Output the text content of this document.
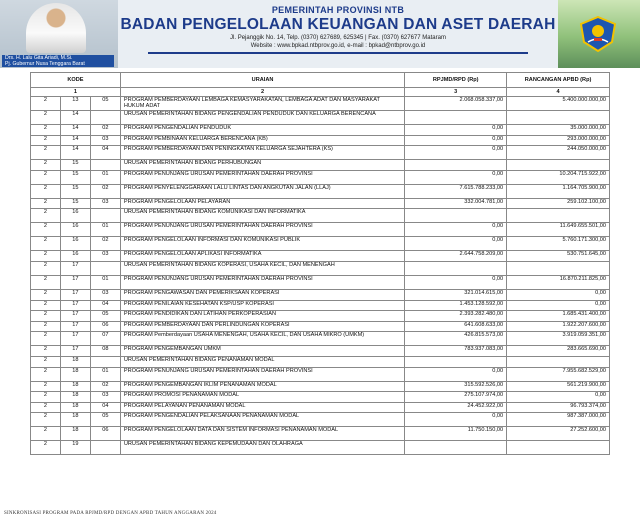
Drs. H. Lalu Gita Ariadi, M.Si.
Pj. Gubernur Nusa Tenggara Barat
PEMERINTAH PROVINSI NTB
BADAN PENGELOLAAN KEUANGAN DAN ASET DAERAH
Jl. Pejanggik No. 14, Telp. (0370) 627689, 625345 | Fax. (0370) 627677 Mataram
Website : www.bpkad.ntbprov.go.id, e-mail : bpkad@ntbprov.go.id
KODE			URAIAN	RPJMD/RPD (Rp)	RANCANGAN APBD (Rp)
1			2	3	4
2	13	05	PROGRAM PEMBERDAYAAN LEMBAGA KEMASYARAKATAN, LEMBAGA ADAT DAN MASYARAKAT HUKUM ADAT	2.068.058.337,00	5.400.000.000,00
2	14		URUSAN PEMERINTAHAN BIDANG PENGENDALIAN PENDUDUK DAN KELUARGA BERENCANA		
2	14	02	PROGRAM PENGENDALIAN PENDUDUK	0,00	35.000.000,00
2	14	03	PROGRAM PEMBINAAN KELUARGA BERENCANA (KB)	0,00	293.000.000,00
2	14	04	PROGRAM PEMBERDAYAAN DAN PENINGKATAN KELUARGA SEJAHTERA (KS)	0,00	244.050.000,00
2	15		URUSAN PEMERINTAHAN BIDANG PERHUBUNGAN		
2	15	01	PROGRAM PENUNJANG URUSAN PEMERINTAHAN DAERAH PROVINSI	0,00	10.204.715.922,00
2	15	02	PROGRAM PENYELENGGARAAN LALU LINTAS DAN ANGKUTAN JALAN (LLAJ)	7.615.788.233,00	1.164.705.900,00
2	15	03	PROGRAM PENGELOLAAN PELAYARAN	332.004.781,00	259.102.100,00
2	16		URUSAN PEMERINTAHAN BIDANG KOMUNIKASI DAN INFORMATIKA		
2	16	01	PROGRAM PENUNJANG URUSAN PEMERINTAHAN DAERAH PROVINSI	0,00	11.649.655.501,00
2	16	02	PROGRAM PENGELOLAAN INFORMASI DAN KOMUNIKASI PUBLIK	0,00	5.760.171.300,00
2	16	03	PROGRAM PENGELOLAAN APLIKASI INFORMATIKA	2.644.758.209,00	530.751.645,00
2	17		URUSAN PEMERINTAHAN BIDANG KOPERASI, USAHA KECIL, DAN MENENGAH		
2	17	01	PROGRAM PENUNJANG URUSAN PEMERINTAHAN DAERAH PROVINSI	0,00	16.870.211.825,00
2	17	03	PROGRAM PENGAWASAN DAN PEMERIKSAAN KOPERASI	321.014.615,00	0,00
2	17	04	PROGRAM PENILAIAN KESEHATAN KSP/USP KOPERASI	1.453.128.592,00	0,00
2	17	05	PROGRAM PENDIDIKAN DAN LATIHAN PERKOPERASIAN	2.393.282.480,00	1.685.431.400,00
2	17	06	PROGRAM PEMBERDAYAAN DAN PERLINDUNGAN KOPERASI	641.608.633,00	1.922.207.600,00
2	17	07	PROGRAM Pemberdayaan USAHA MENENGAH, USAHA KECIL, DAN USAHA MIKRO (UMKM)	426.815.573,00	3.919.059.351,00
2	17	08	PROGRAM PENGEMBANGAN UMKM	783.937.083,00	283.665.690,00
2	18		URUSAN PEMERINTAHAN BIDANG PENANAMAN MODAL		
2	18	01	PROGRAM PENUNJANG URUSAN PEMERINTAHAN DAERAH PROVINSI	0,00	7.955.682.529,00
2	18	02	PROGRAM PENGEMBANGAN IKLIM PENANAMAN MODAL	315.592.526,00	561.219.900,00
2	18	03	PROGRAM PROMOSI PENANAMAN MODAL	275.107.974,00	0,00
2	18	04	PROGRAM PELAYANAN PENANAMAN MODAL	24.452.922,00	96.793.374,00
2	18	05	PROGRAM PENGENDALIAN PELAKSANAAN PENANAMAN MODAL	0,00	987.387.000,00
2	18	06	PROGRAM PENGELOLAAN DATA DAN SISTEM INFORMASI PENANAMAN MODAL	11.750.150,00	27.252.600,00
2	19		URUSAN PEMERINTAHAN BIDANG KEPEMUDAAN DAN OLAHRAGA		
SINKRONISASI PROGRAM PADA RPJMD/RPD DENGAN APBD TAHUN ANGGARAN 2024
